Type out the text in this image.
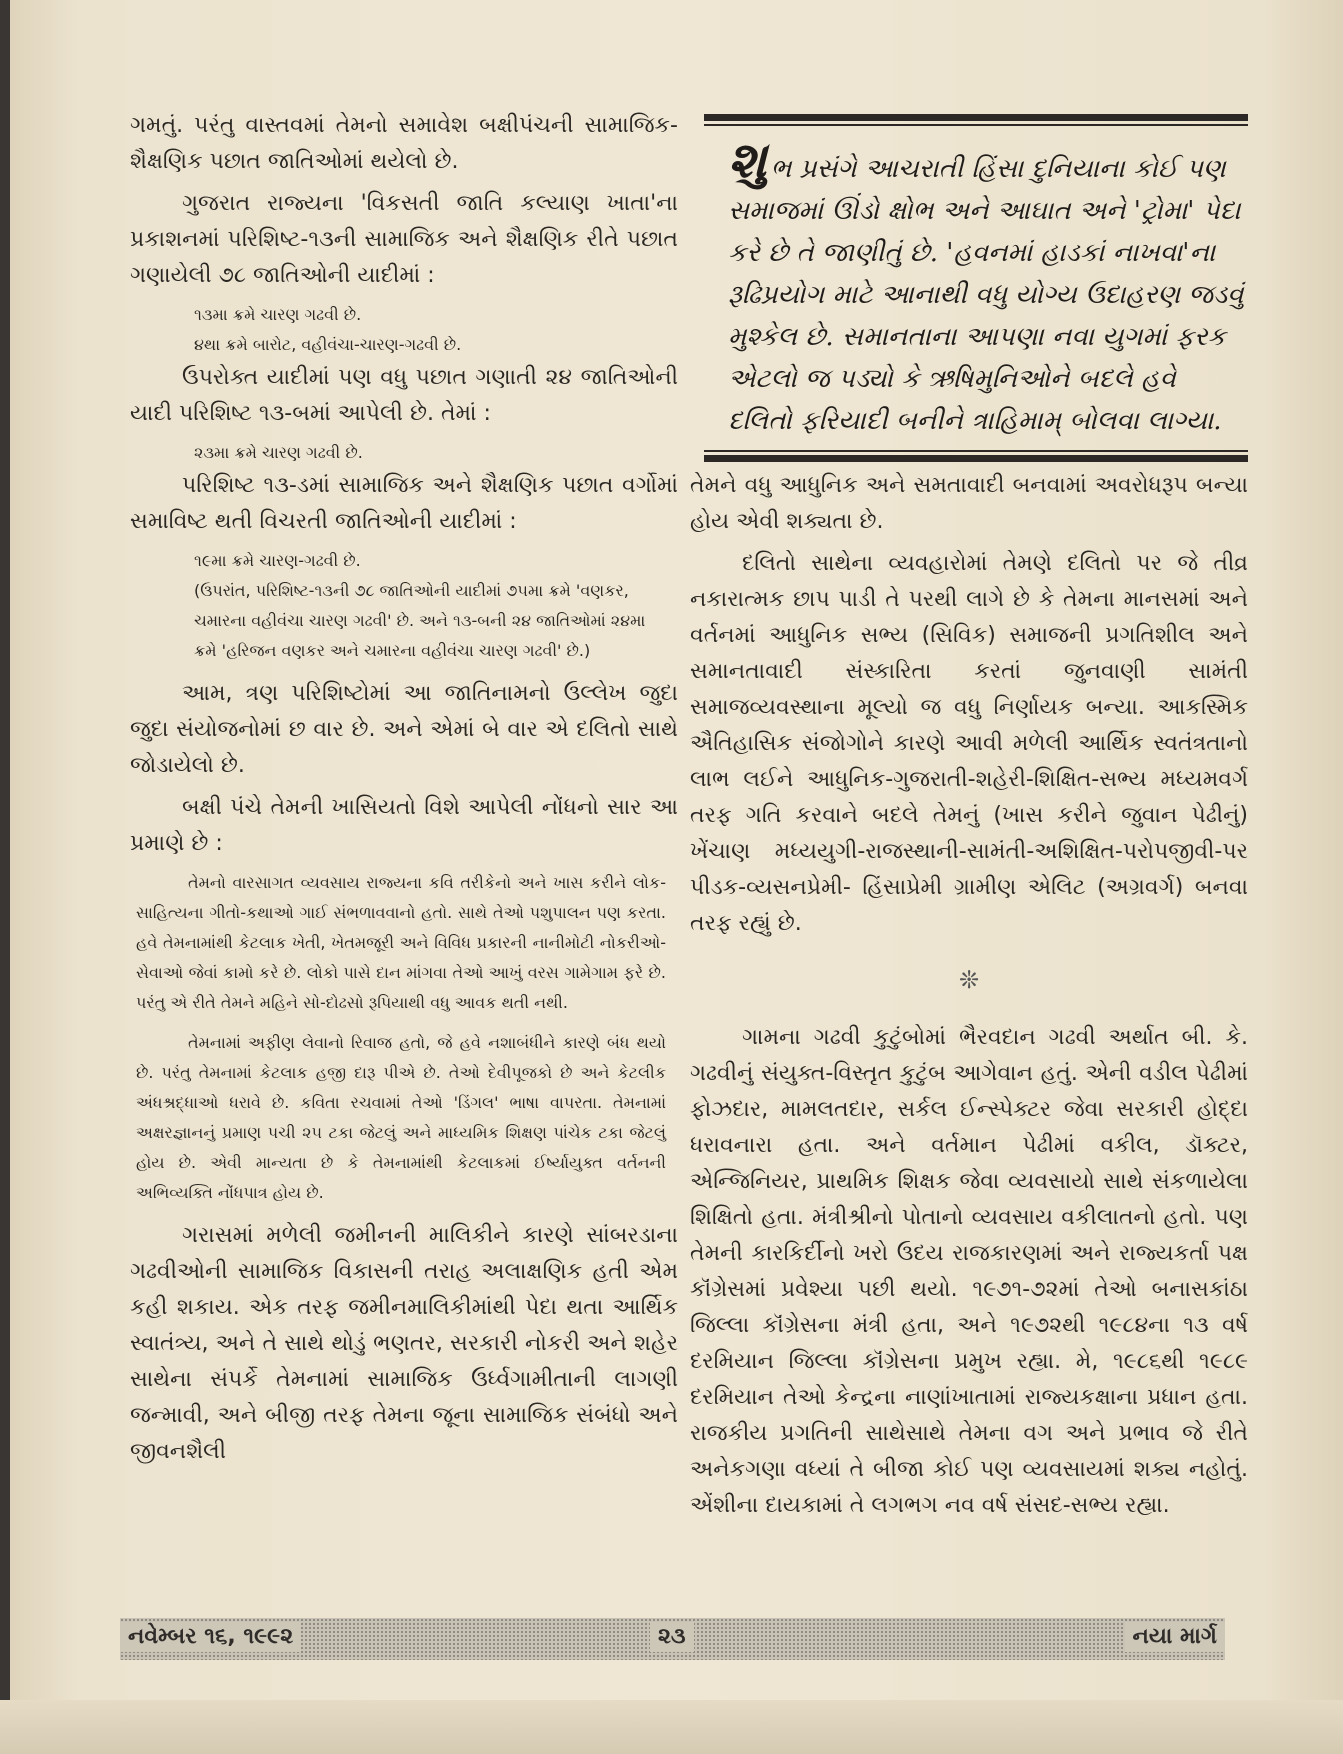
ગમતું. પરંતુ વાસ્તવમાં તેમનો સમાવેશ બક્ષીપંચની સામાજિક-શૈક્ષણિક પછાત જાતિઓમાં થયેલો છે.

ગુજરાત રાજ્યના 'વિકસતી જાતિ કલ્યાણ ખાતા'ના પ્રકાશનમાં પરિશિષ્ટ-૧૩ની સામાજિક અને શૈક્ષણિક રીતે પછાત ગણાયેલી ૭૮ જાતિઓની યાદીમાં :

૧૩મા ક્રમે ચારણ ગઢવી છે.

૪થા ક્રમે બારોટ, વહીવંચા-ચારણ-ગઢવી છે.

ઉપરોક્ત યાદીમાં પણ વધુ પછાત ગણાતી ૨૪ જાતિઓની યાદી પરિશિષ્ટ ૧૩-બમાં આપેલી છે. તેમાં :

૨૩મા ક્રમે ચારણ ગઢવી છે.

પરિશિષ્ટ ૧૩-ડમાં સામાજિક અને શૈક્ષણિક પછાત વર્ગોમાં સમાવિષ્ટ થતી વિચરતી જાતિઓની યાદીમાં :

૧૯મા ક્રમે ચારણ-ગઢવી છે.

(ઉપરાંત, પરિશિષ્ટ-૧૩ની ૭૮ જાતિઓની યાદીમાં ૭૫મા ક્રમે 'વણકર, ચમારના વહીવંચા ચારણ ગઢવી' છે. અને ૧૩-બની ૨૪ જાતિઓમાં ૨૪મા ક્રમે 'હરિજન વણકર અને ચમારના વહીવંચા ચારણ ગઢવી' છે.)

આમ, ત્રણ પરિશિષ્ટોમાં આ જાતિનામનો ઉલ્લેખ જુદા જુદા સંયોજનોમાં છ વાર છે. અને એમાં બે વાર એ દલિતો સાથે જોડાયેલો છે.

બક્ષી પંચે તેમની ખાસિયતો વિશે આપેલી નોંધનો સાર આ પ્રમાણે છે :

તેમનો વારસાગત વ્યવસાય રાજ્યના કવિ તરીકેનો અને ખાસ કરીને લોક-સાહિત્યના ગીતો-કથાઓ ગાઈ સંભળાવવાનો હતો. સાથે તેઓ પશુપાલન પણ કરતા. હવે તેમનામાંથી કેટલાક ખેતી, ખેતમજૂરી અને વિવિધ પ્રકારની નાનીમોટી નોકરીઓ-સેવાઓ જેવાં કામો કરે છે. લોકો પાસે દાન માંગવા તેઓ આખું વરસ ગામેગામ ફરે છે. પરંતુ એ રીતે તેમને મહિને સો-દોઢસો રૂપિયાથી વધુ આવક થતી નથી.

તેમનામાં અફીણ લેવાનો રિવાજ હતો, જે હવે નશાબંધીને કારણે બંધ થયો છે. પરંતુ તેમનામાં કેટલાક હજી દારૂ પીએ છે. તેઓ દેવીપૂજકો છે અને કેટલીક અંધશ્રદ્ધાઓ ધરાવે છે. કવિતા રચવામાં તેઓ 'ડિંગલ' ભાષા વાપરતા. તેમનામાં અક્ષરજ્ઞાનનું પ્રમાણ પચી ૨૫ ટકા જેટલું અને માધ્યમિક શિક્ષણ પાંચેક ટકા જેટલું હોય છે. એવી માન્યતા છે કે તેમનામાંથી કેટલાકમાં ઈર્ષ્યાયુક્ત વર્તનની અભિવ્યક્તિ નોંધપાત્ર હોય છે.

ગરાસમાં મળેલી જમીનની માલિકીને કારણે સાંબરડાના ગઢવીઓની સામાજિક વિકાસની તરાહ અલાક્ષણિક હતી એમ કહી શકાય. એક તરફ જમીનમાલિકીમાંથી પેદા થતા આર્થિક સ્વાતંત્ર્ય, અને તે સાથે થોડું ભણતર, સરકારી નોકરી અને શહેર સાથેના સંપર્કે તેમનામાં સામાજિક ઉર્ધ્વગામીતાની લાગણી જન્માવી, અને બીજી તરફ તેમના જૂના સામાજિક સંબંધો અને જીવનશૈલી

શુભ પ્રસંગે આચરાતી હિંસા દુનિયાના કોઈ પણ સમાજમાં ઊંડો ક્ષોભ અને આઘાત અને 'ટ્રોમા' પેદા કરે છે તે જાણીતું છે. 'હવનમાં હાડકાં નાખવા'ના રૂઢિપ્રયોગ માટે આનાથી વધુ યોગ્ય ઉદાહરણ જડવું મુશ્કેલ છે. સમાનતાના આપણા નવા યુગમાં ફરક એટલો જ પડ્યો કે ઋષિમુનિઓને બદલે હવે દલિતો ફરિયાદી બનીને ત્રાહિમામ્ બોલવા લાગ્યા.

તેમને વધુ આધુનિક અને સમતાવાદી બનવામાં અવરોધરૂપ બન્યા હોય એવી શક્યતા છે.

દલિતો સાથેના વ્યવહારોમાં તેમણે દલિતો પર જે તીવ્ર નકારાત્મક છાપ પાડી તે પરથી લાગે છે કે તેમના માનસમાં અને વર્તનમાં આધુનિક સભ્ય (સિવિક) સમાજની પ્રગતિશીલ અને સમાનતાવાદી સંસ્કારિતા કરતાં જુનવાણી સામંતી સમાજવ્યવસ્થાના મૂલ્યો જ વધુ નિર્ણાયક બન્યા. આકસ્મિક ઐતિહાસિક સંજોગોને કારણે આવી મળેલી આર્થિક સ્વતંત્રતાનો લાભ લઈને આધુનિક-ગુજરાતી-શહેરી-શિક્ષિત-સભ્ય મધ્યમવર્ગ તરફ ગતિ કરવાને બદલે તેમનું (ખાસ કરીને જુવાન પેઢીનું) ખેંચાણ મધ્યયુગી-રાજસ્થાની-સામંતી-અશિક્ષિત-પરોપજીવી-પર પીડક-વ્યસનપ્રેમી- હિંસાપ્રેમી ગ્રામીણ એલિટ (અગ્રવર્ગ) બનવા તરફ રહ્યું છે.

❊

ગામના ગઢવી કુટુંબોમાં ભૈરવદાન ગઢવી અર્થાત બી. કે. ગઢવીનું સંયુક્ત-વિસ્તૃત કુટુંબ આગેવાન હતું. એની વડીલ પેઢીમાં ફોઝદાર, મામલતદાર, સર્કલ ઈન્સ્પેક્ટર જેવા સરકારી હોદ્દા ધરાવનારા હતા. અને વર્તમાન પેઢીમાં વકીલ, ડૉક્ટર, એન્જિનિયર, પ્રાથમિક શિક્ષક જેવા વ્યવસાયો સાથે સંકળાયેલા શિક્ષિતો હતા. મંત્રીશ્રીનો પોતાનો વ્યવસાય વકીલાતનો હતો. પણ તેમની કારકિર્દીનો ખરો ઉદય રાજકારણમાં અને રાજ્યકર્તા પક્ષ કૉંગ્રેસમાં પ્રવેશ્યા પછી થયો. ૧૯૭૧-૭૨માં તેઓ બનાસકાંઠા જિલ્લા કૉંગ્રેસના મંત્રી હતા, અને ૧૯૭૨થી ૧૯૮૪ના ૧૩ વર્ષ દરમિયાન જિલ્લા કૉંગ્રેસના પ્રમુખ રહ્યા. મે, ૧૯૮૬થી ૧૯૮૯ દરમિયાન તેઓ કેન્દ્રના નાણાંખાતામાં રાજ્યકક્ષાના પ્રધાન હતા. રાજકીય પ્રગતિની સાથેસાથે તેમના વગ અને પ્રભાવ જે રીતે અનેકગણા વધ્યાં તે બીજા કોઈ પણ વ્યવસાયમાં શક્ય નહોતું. એંશીના દાયકામાં તે લગભગ નવ વર્ષ સંસદ-સભ્ય રહ્યા.

નવેમ્બર ૧૬, ૧૯૯૨	૨૩	નયા માર્ગ
